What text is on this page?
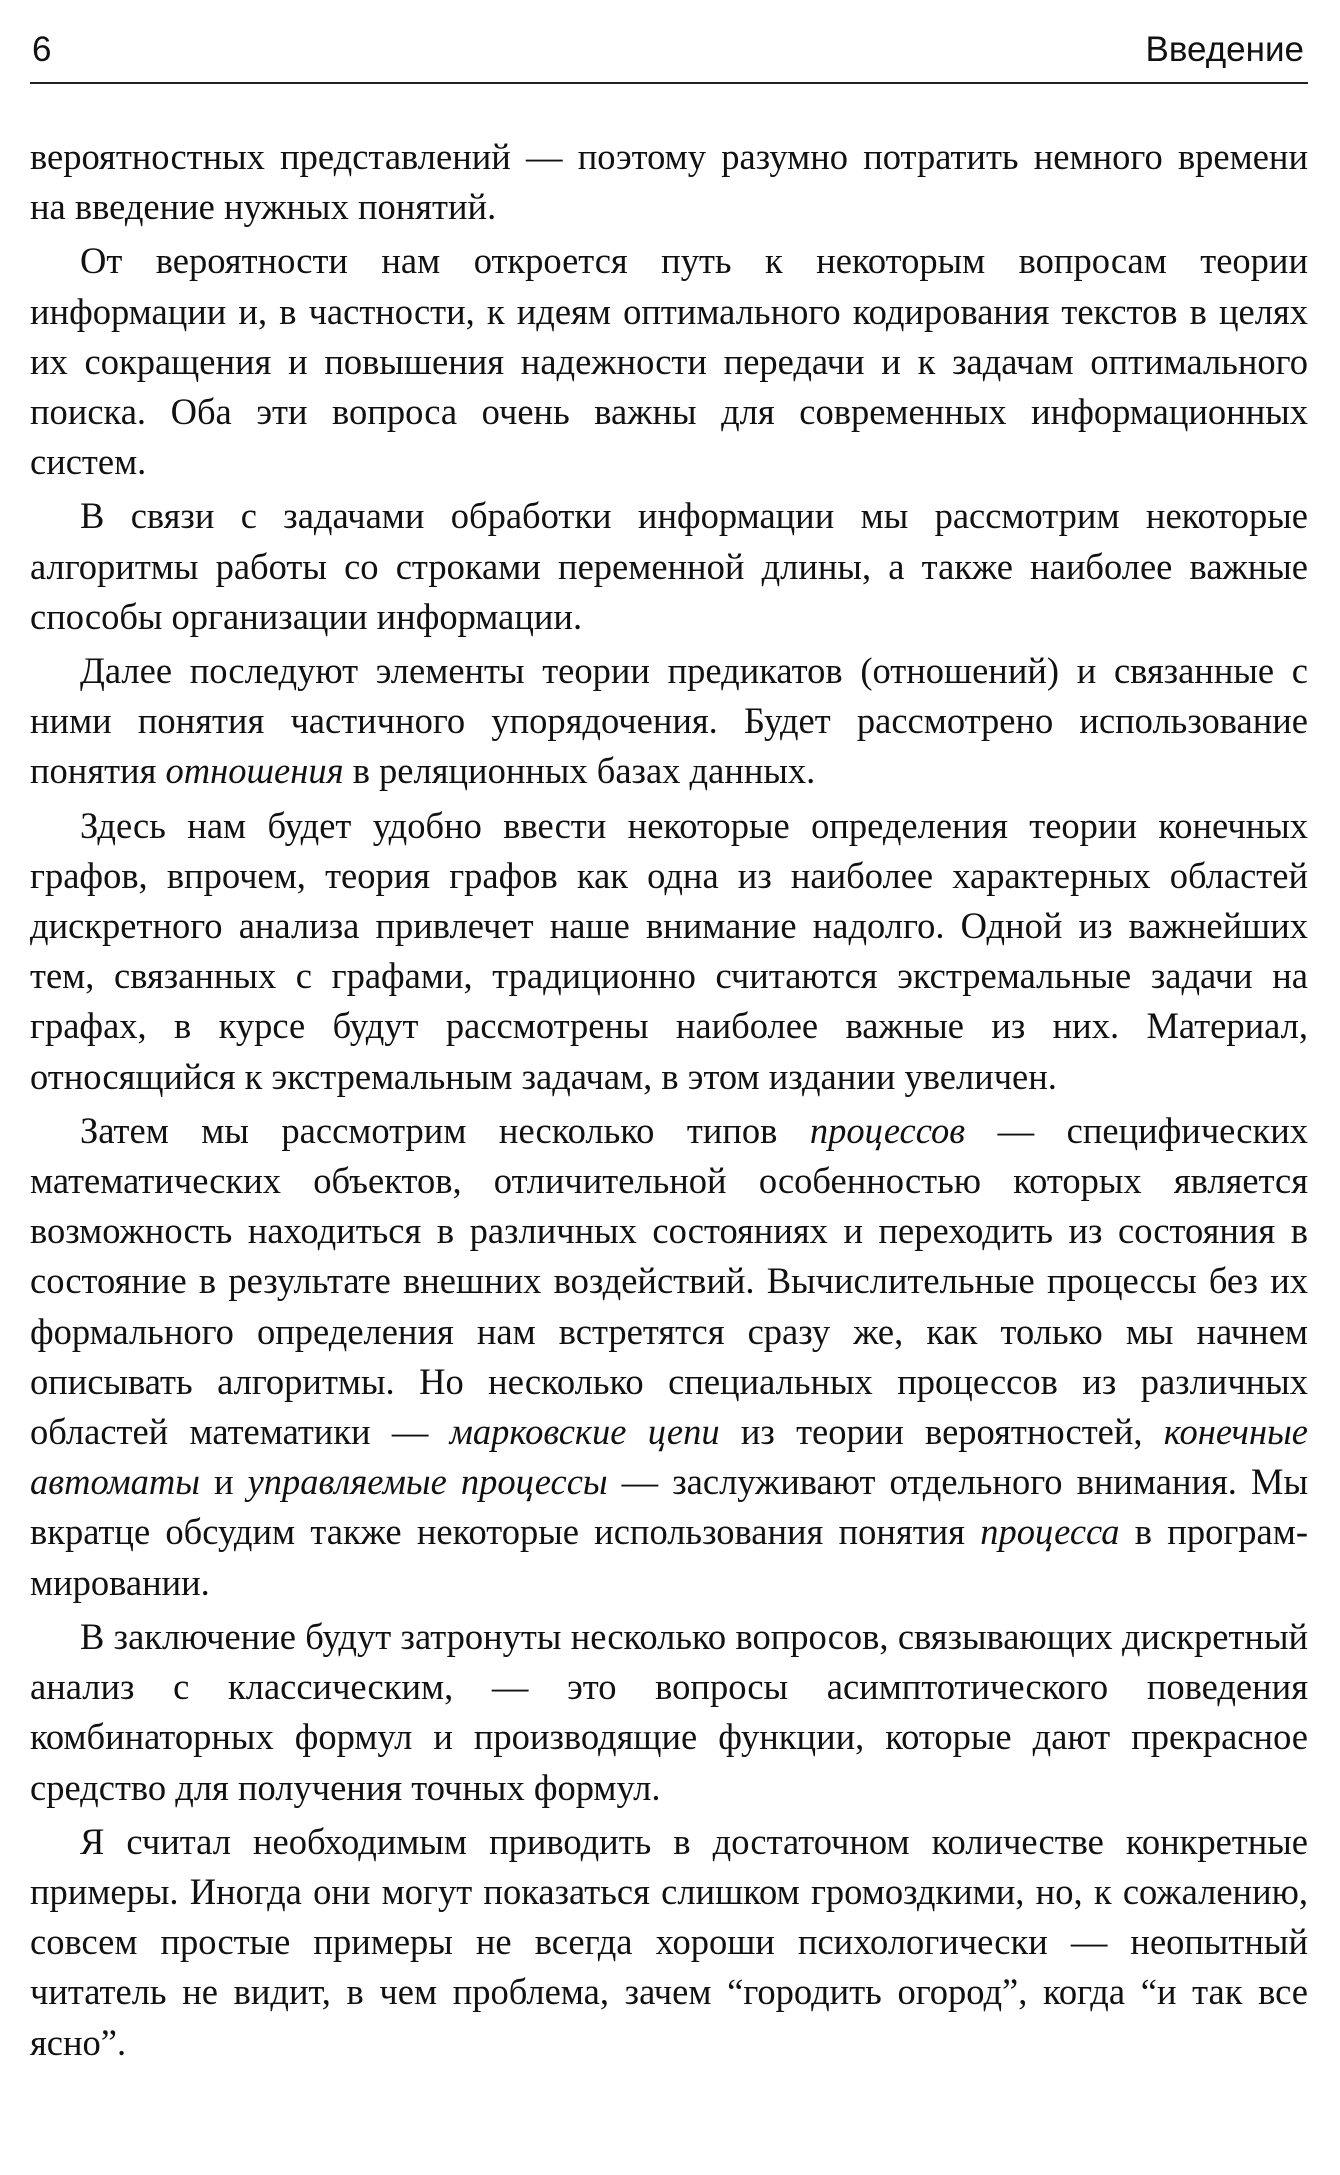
6	Введение

вероятностных представлений — поэтому разумно потратить немного времени на введение нужных понятий.

От вероятности нам откроется путь к некоторым вопросам теории информации и, в частности, к идеям оптимального кодирования текстов в целях их сокращения и повышения надежности передачи и к задачам оптимального поиска. Оба эти вопроса очень важны для современных информационных систем.

В связи с задачами обработки информации мы рассмотрим некоторые алгоритмы работы со строками переменной длины, а также наиболее важные способы организации информации.

Далее последуют элементы теории предикатов (отношений) и связанные с ними понятия частичного упорядочения. Будет рассмотрено использование понятия отношения в реляционных базах данных.

Здесь нам будет удобно ввести некоторые определения теории конечных графов, впрочем, теория графов как одна из наиболее характерных областей дискретного анализа привлечет наше внимание надолго. Одной из важнейших тем, связанных с графами, традиционно считаются экстремальные задачи на графах, в курсе будут рассмотрены наиболее важные из них. Материал, относящийся к экстремальным задачам, в этом издании увеличен.

Затем мы рассмотрим несколько типов процессов — специфических математических объектов, отличительной особенностью которых является возможность находиться в различных состояниях и переходить из состояния в состояние в результате внешних воздействий. Вычислительные процессы без их формального определения нам встретятся сразу же, как только мы начнем описывать алгоритмы. Но несколько специальных процессов из различных областей математики — марковские цепи из теории вероятностей, конечные автоматы и управляемые процессы — заслуживают отдельного внимания. Мы вкратце обсудим также некоторые использования понятия процесса в программировании.

В заключение будут затронуты несколько вопросов, связывающих дискретный анализ с классическим, — это вопросы асимптотического поведения комбинаторных формул и производящие функции, которые дают прекрасное средство для получения точных формул.

Я считал необходимым приводить в достаточном количестве конкретные примеры. Иногда они могут показаться слишком громоздкими, но, к сожалению, совсем простые примеры не всегда хороши психологически — неопытный читатель не видит, в чем проблема, зачем “городить огород”, когда “и так все ясно”.
